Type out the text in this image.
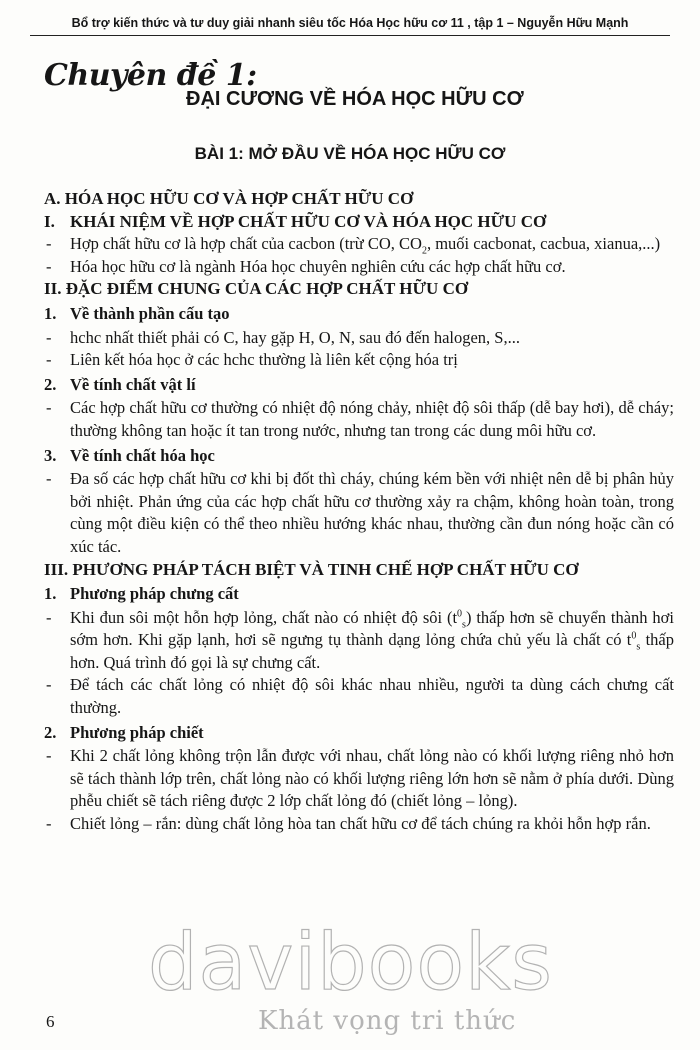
Bổ trợ kiến thức và tư duy giải nhanh siêu tốc Hóa Học hữu cơ 11 , tập 1 – Nguyễn Hữu Mạnh
Chuyên đề 1:
ĐẠI CƯƠNG VỀ HÓA HỌC HỮU CƠ
BÀI 1: MỞ ĐẦU VỀ HÓA HỌC HỮU CƠ

A. HÓA HỌC HỮU CƠ VÀ HỢP CHẤT HỮU CƠ

I. KHÁI NIỆM VỀ HỢP CHẤT HỮU CƠ VÀ HÓA HỌC HỮU CƠ

- Hợp chất hữu cơ là hợp chất của cacbon (trừ CO, $CO_2$, muối cacbonat, cacbua, xianua,...)

- Hóa học hữu cơ là ngành Hóa học chuyên nghiên cứu các hợp chất hữu cơ.

II. ĐẶC ĐIỂM CHUNG CỦA CÁC HỢP CHẤT HỮU CƠ

1. Về thành phần cấu tạo

- hchc nhất thiết phải có C, hay gặp H, O, N, sau đó đến halogen, S,...

- Liên kết hóa học ở các hchc thường là liên kết cộng hóa trị

2. Về tính chất vật lí

- Các hợp chất hữu cơ thường có nhiệt độ nóng chảy, nhiệt độ sôi thấp (dễ bay hơi), dễ cháy; thường không tan hoặc ít tan trong nước, nhưng tan trong các dung môi hữu cơ.

3. Về tính chất hóa học

- Đa số các hợp chất hữu cơ khi bị đốt thì cháy, chúng kém bền với nhiệt nên dễ bị phân hủy bởi nhiệt. Phản ứng của các hợp chất hữu cơ thường xảy ra chậm, không hoàn toàn, trong cùng một điều kiện có thể theo nhiều hướng khác nhau, thường cần đun nóng hoặc cần có xúc tác.

III. PHƯƠNG PHÁP TÁCH BIỆT VÀ TINH CHẾ HỢP CHẤT HỮU CƠ

1. Phương pháp chưng cất

- Khi đun sôi một hỗn hợp lỏng, chất nào có nhiệt độ sôi $(t^0_s)$ thấp hơn sẽ chuyển thành hơi sớm hơn. Khi gặp lạnh, hơi sẽ ngưng tụ thành dạng lỏng chứa chủ yếu là chất có $t^0_s$ thấp hơn. Quá trình đó gọi là sự chưng cất.

- Để tách các chất lỏng có nhiệt độ sôi khác nhau nhiều, người ta dùng cách chưng cất thường.

2. Phương pháp chiết

- Khi 2 chất lỏng không trộn lẫn được với nhau, chất lỏng nào có khối lượng riêng nhỏ hơn sẽ tách thành lớp trên, chất lỏng nào có khối lượng riêng lớn hơn sẽ nằm ở phía dưới. Dùng phễu chiết sẽ tách riêng được 2 lớp chất lỏng đó (chiết lỏng – lỏng).

- Chiết lỏng – rắn: dùng chất lỏng hòa tan chất hữu cơ để tách chúng ra khỏi hỗn hợp rắn.

davibooks
Khát vọng tri thức
6
